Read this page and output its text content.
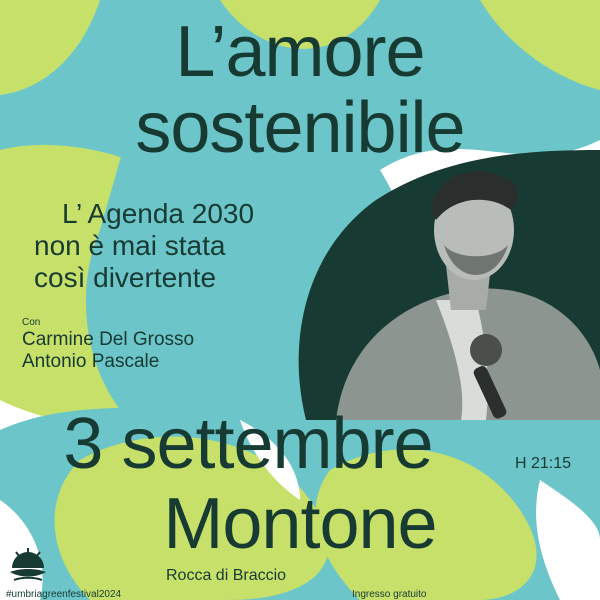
L’amore

sostenibile

L’ Agenda 2030

non è mai stata

così divertente

Con

Carmine Del Grosso

Antonio Pascale

3 settembre	H 21:15

Montone

Rocca di Braccio

#umbriagreenfestival2024	Ingresso gratuito
